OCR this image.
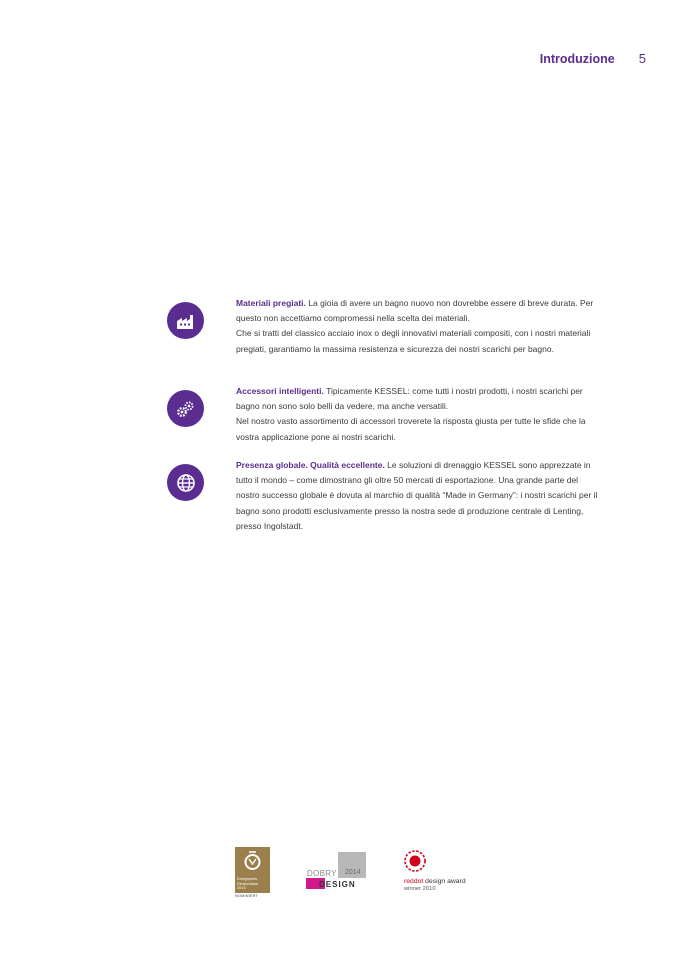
Introduzione 5

Materiali pregiati. La gioia di avere un bagno nuovo non dovrebbe essere di breve durata. Per questo non accettiamo compromessi nella scelta dei materiali.

Che si tratti del classico acciaio inox o degli innovativi materiali compositi, con i nostri materiali pregiati, garantiamo la massima resistenza e sicurezza dei nostri scarichi per bagno.

Accessori intelligenti. Tipicamente KESSEL: come tutti i nostri prodotti, i nostri scarichi per bagno non sono solo belli da vedere, ma anche versatili.

Nel nostro vasto assortimento di accessori troverete la risposta giusta per tutte le sfide che la vostra applicazione pone ai nostri scarichi.

Presenza globale. Qualità eccellente. Le soluzioni di drenaggio KESSEL sono apprezzate in tutto il mondo – come dimostrano gli oltre 50 mercati di esportazione. Una grande parte del nostro successo globale è dovuta al marchio di qualità “Made in Germany”: i nostri scarichi per il bagno sono prodotti esclusivamente presso la nostra sede di produzione centrale di Lenting, presso Ingolstadt.

Designpreis
Deutschland
2013
NOMINIERT
DOBRY 2014
DESIGN	reddot design award
winner 2010
